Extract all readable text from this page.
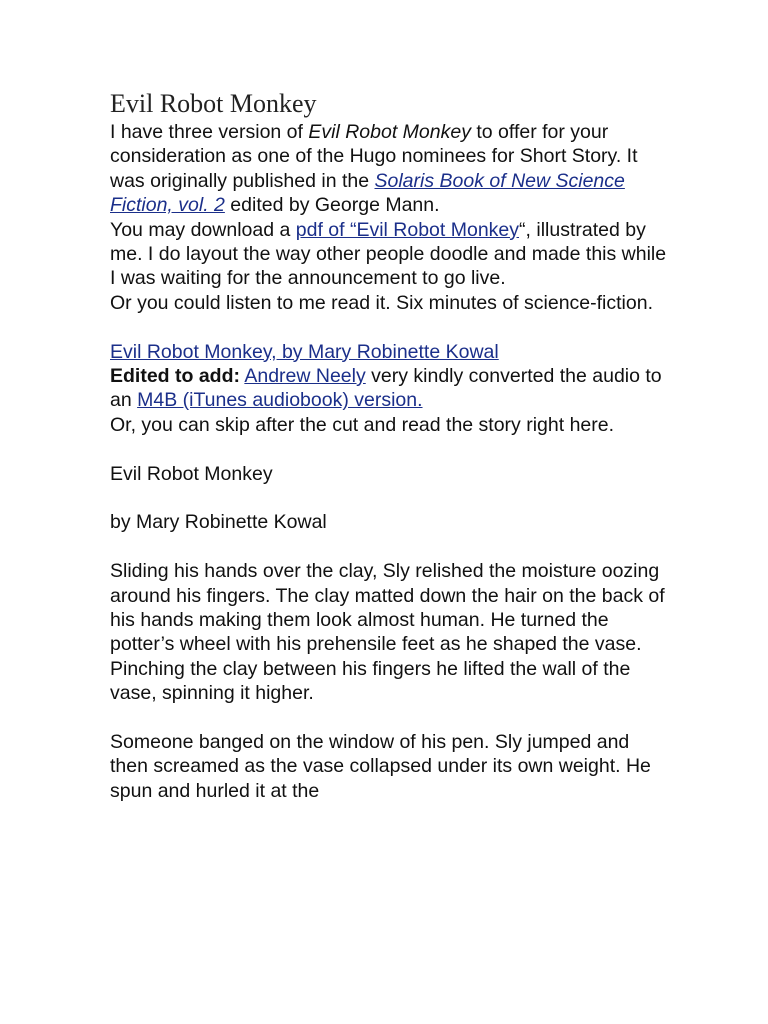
Evil Robot Monkey

I have three version of Evil Robot Monkey to offer for your consideration as one of the Hugo nominees for Short Story. It was originally published in the Solaris Book of New Science Fiction, vol. 2 edited by George Mann.

You may download a pdf of “Evil Robot Monkey“, illustrated by me. I do layout the way other people doodle and made this while I was waiting for the announcement to go live.

Or you could listen to me read it. Six minutes of science-fiction.

Evil Robot Monkey, by Mary Robinette Kowal

Edited to add: Andrew Neely very kindly converted the audio to an M4B (iTunes audiobook) version.

Or, you can skip after the cut and read the story right here.

Evil Robot Monkey

by Mary Robinette Kowal

Sliding his hands over the clay, Sly relished the moisture oozing around his fingers. The clay matted down the hair on the back of his hands making them look almost human. He turned the potter’s wheel with his prehensile feet as he shaped the vase. Pinching the clay between his fingers he lifted the wall of the vase, spinning it higher.

Someone banged on the window of his pen. Sly jumped and then screamed as the vase collapsed under its own weight. He spun and hurled it at the
